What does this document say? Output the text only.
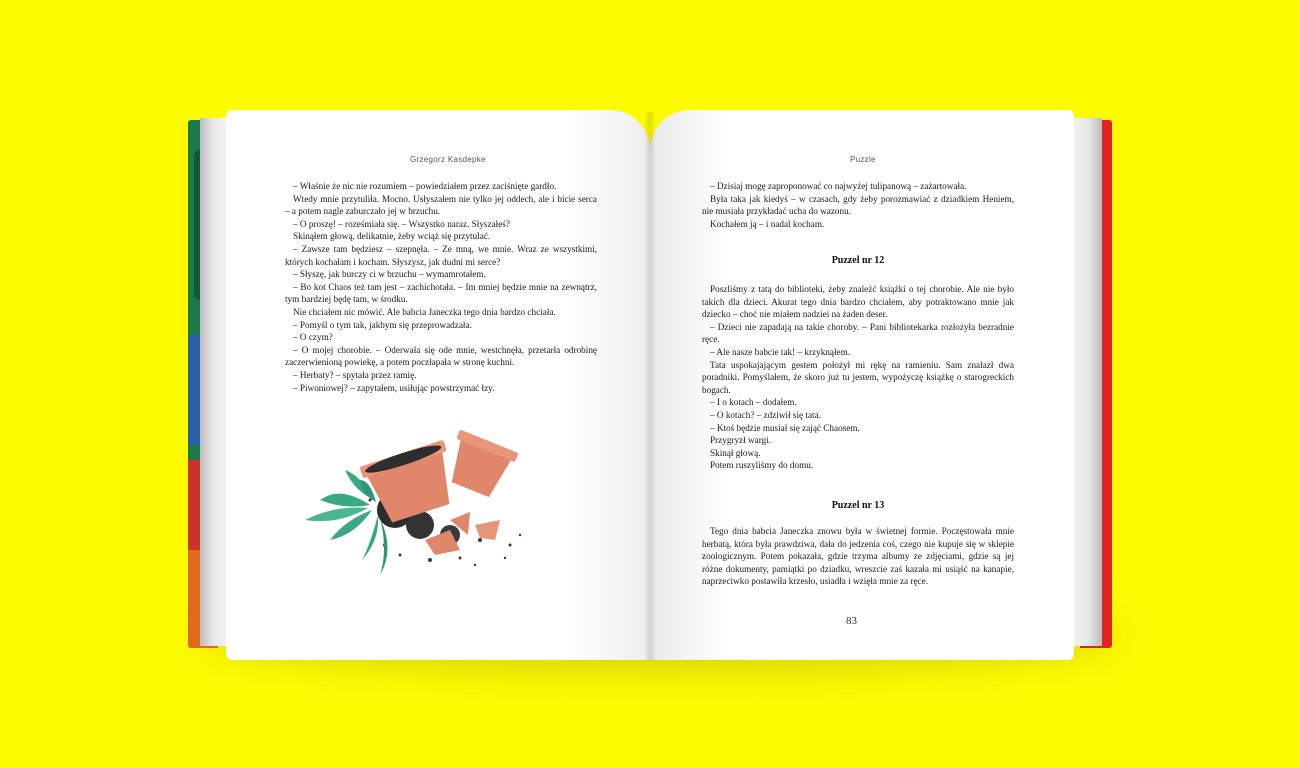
Grzegorz Kasdepke	Puzzle

– Właśnie że nic nie rozumiem – powiedziałem przez zaciśnięte gardło.

Wtedy mnie przytuliła. Mocno. Usłyszałem nie tylko jej oddech, ale i bicie serca – a potem nagle zaburczało jej w brzuchu.

– O proszę! – roześmiała się. – Wszystko naraz. Słyszałeś?

Skinąłem głową, delikatnie, żeby wciąż się przytulać.

– Zawsze tam będziesz – szepnęła. – Ze mną, we mnie. Wraz ze wszystkimi, których kochałam i kocham. Słyszysz, jak dudni mi serce?

– Słyszę, jak burczy ci w brzuchu – wymamrotałem.

– Bo kot Chaos też tam jest – zachichotała. – Im mniej będzie mnie na zewnątrz, tym bardziej będę tam, w środku.

Nie chciałem nic mówić. Ale babcia Janeczka tego dnia bardzo chciała.

– Pomyśl o tym tak, jakbym się przeprowadzała.

– O czym?

– O mojej chorobie. – Oderwała się ode mnie, westchnęła, przetarła odrobinę zaczerwienioną powiekę, a potem poczłapała w stronę kuchni.

– Herbaty? – spytała przez ramię.

– Piwoniowej? – zapytałem, usiłując powstrzymać łzy.

– Dzisiaj mogę zaproponować co najwyżej tulipanową – zażartowała.

Była taka jak kiedyś – w czasach, gdy żeby porozmawiać z dziadkiem Heniem, nie musiała przykładać ucha do wazonu.

Kochałem ją – i nadal kocham.

Puzzel nr 12

Poszliśmy z tatą do biblioteki, żeby znaleźć książki o tej chorobie. Ale nie było takich dla dzieci. Akurat tego dnia bardzo chciałem, aby potraktowano mnie jak dziecko – choć nie miałem nadziei na żaden deser.

– Dzieci nie zapadają na takie choroby. – Pani bibliotekarka rozłożyła bezradnie ręce.

– Ale nasze babcie tak! – krzyknąłem.

Tata uspokajającym gestem położył mi rękę na ramieniu. Sam znalazł dwa poradniki. Pomyślałem, że skoro już tu jestem, wypożyczę książkę o starogreckich bogach.

– I o kotach – dodałem.

– O kotach? – zdziwił się tata.

– Ktoś będzie musiał się zająć Chaosem.

Przygryzł wargi.

Skinął głową.

Potem ruszyliśmy do domu.

Puzzel nr 13

Tego dnia babcia Janeczka znowu była w świetnej formie. Poczęstowała mnie herbatą, która była prawdziwa, dała do jedzenia coś, czego nie kupuje się w sklepie zoologicznym. Potem pokazała, gdzie trzyma albumy ze zdjęciami, gdzie są jej różne dokumenty, pamiątki po dziadku, wreszcie zaś kazała mi usiąść na kanapie, naprzeciwko postawiła krzesło, usiadła i wzięła mnie za ręce.

83
